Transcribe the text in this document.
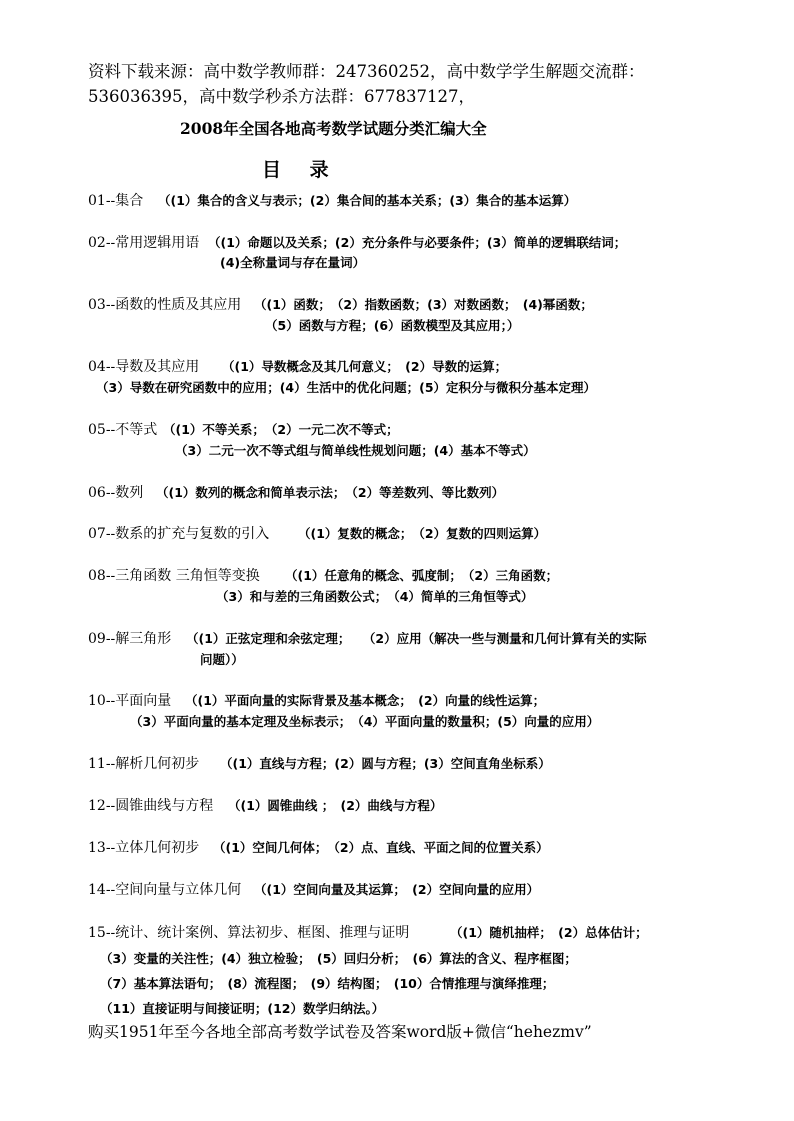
资料下载来源：高中数学教师群：247360252，高中数学学生解题交流群：
536036395，高中数学秒杀方法群：677837127，
2008年全国各地高考数学试题分类汇编大全
目 录
01--集合 （(1）集合的含义与表示；(2）集合间的基本关系；(3）集合的基本运算）
02--常用逻辑用语 （(1）命题以及关系；(2）充分条件与必要条件；(3）简单的逻辑联结词；
(4)全称量词与存在量词）
03--函数的性质及其应用 （(1）函数；　（2）指数函数；(3）对数函数；　(4)幂函数；
（5）函数与方程；(6）函数模型及其应用；）
04--导数及其应用 （(1）导数概念及其几何意义；　(2）导数的运算；
（3）导数在研究函数中的应用；(4）生活中的优化问题；(5）定积分与微积分基本定理）
05--不等式 （(1）不等关系；　（2）一元二次不等式；
（3）二元一次不等式组与简单线性规划问题；(4）基本不等式）
06--数列 （(1）数列的概念和简单表示法；　（2）等差数列、等比数列）
07--数系的扩充与复数的引入 （(1）复数的概念；　（2）复数的四则运算）
08--三角函数 三角恒等变换 （(1）任意角的概念、弧度制；　（2）三角函数；
（3）和与差的三角函数公式；　（4）简单的三角恒等式）
09--解三角形 （(1）正弦定理和余弦定理；　　（2）应用（解决一些与测量和几何计算有关的实际
问题））
10--平面向量 （(1）平面向量的实际背景及基本概念；　(2）向量的线性运算；
（3）平面向量的基本定理及坐标表示；　（4）平面向量的数量积；(5）向量的应用）
11--解析几何初步 （(1）直线与方程；(2）圆与方程；(3）空间直角坐标系）
12--圆锥曲线与方程 （(1）圆锥曲线 ；　(2）曲线与方程）
13--立体几何初步 （(1）空间几何体；　（2）点、直线、平面之间的位置关系）
14--空间向量与立体几何 （(1）空间向量及其运算；　(2）空间向量的应用）
15--统计、统计案例、算法初步、框图、推理与证明	（(1）随机抽样；　(2）总体估计；
（3）变量的关注性；(4）独立检验；　(5）回归分析；　(6）算法的含义、程序框图；
（7）基本算法语句；　(8）流程图；　(9）结构图；　(10）合情推理与演绎推理；
（11）直接证明与间接证明；(12）数学归纳法。）
购买1951年至今各地全部高考数学试卷及答案word版+微信“hehezmv”
